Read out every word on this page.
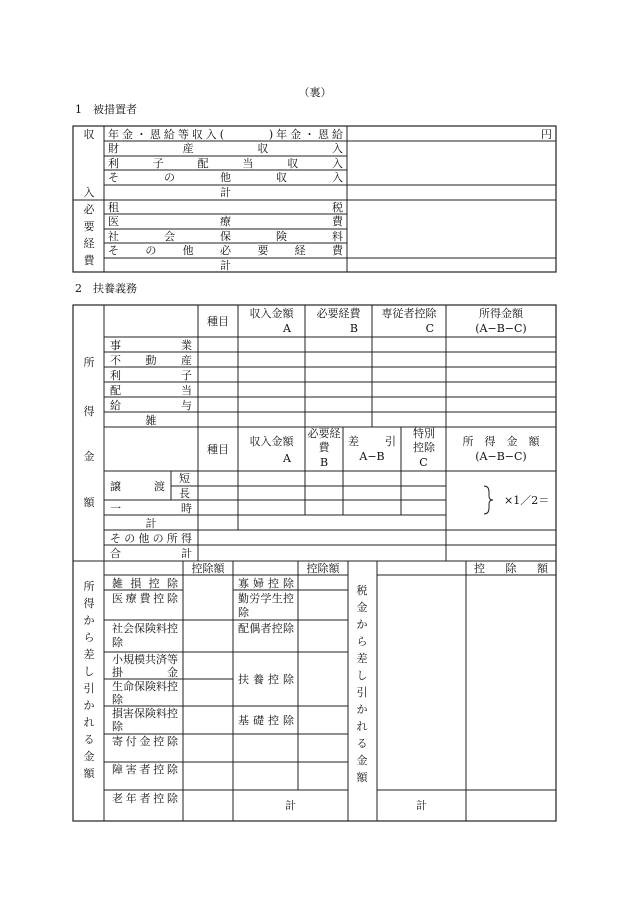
（裏）
1　被措置者
収
入
年金・恩給等収入(　　　)年金・恩給
財　産　収　入
利　子　配　当　収　入
そ　の　他　収　入
計
円
必要経費
租　　税
医　療　費
社　会　保　険　料
そ　の　他　必　要　経　費
計
2　扶養義務
所
得
金
額
種目
収入金額
A
必要経費
B
専従者控除
C
所得金額
(A−B−C)
事　　業
不　動　産
利　　子
配　　当
給　　与
雑
種目
収入金額
A
必要経費
B
差　　引
A−B
特別控除
C
所　得　金　額
(A−B−C)
譲　　渡
短
長
一　　時
×1／2＝
計
その他の所得
合　　計
所得から差し引かれる金額
控除額	控除額
雑損控除
医療費控除
社会保険料控除
小規模共済等掛金
生命保険料控除
損害保険料控除
寄付金控除
障害者控除
老年者控除
寡婦控除
勤労学生控除
配偶者控除
扶養控除
基礎控除
計
税金から差し引かれる金額
控　除　額
計
